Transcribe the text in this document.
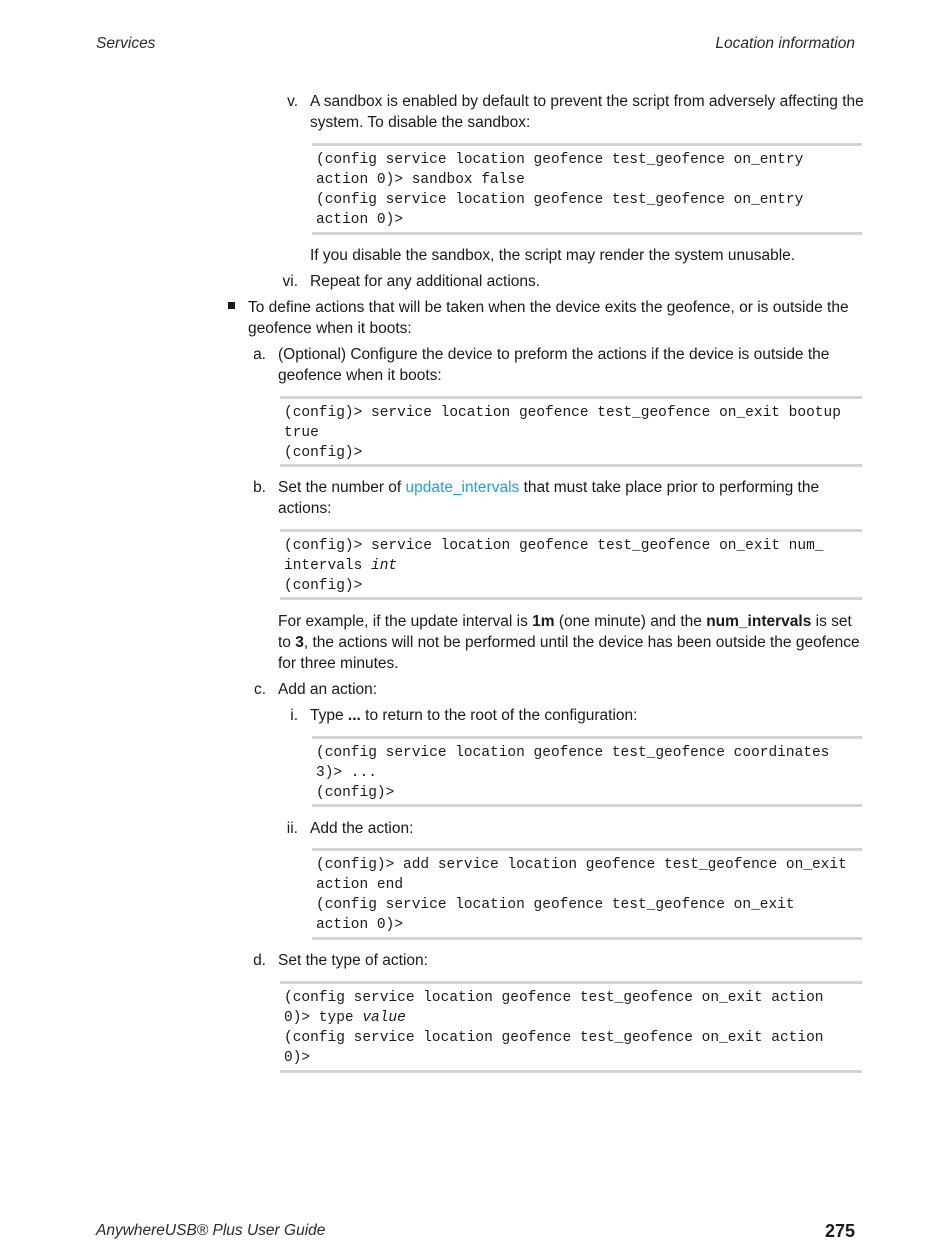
Services	Location information
v. A sandbox is enabled by default to prevent the script from adversely affecting the system. To disable the sandbox:
(config service location geofence test_geofence on_entry
action 0)> sandbox false
(config service location geofence test_geofence on_entry
action 0)>
If you disable the sandbox, the script may render the system unusable.
vi. Repeat for any additional actions.
To define actions that will be taken when the device exits the geofence, or is outside the geofence when it boots:
a. (Optional) Configure the device to preform the actions if the device is outside the geofence when it boots:
(config)> service location geofence test_geofence on_exit bootup
true
(config)>
b. Set the number of update_intervals that must take place prior to performing the actions:
(config)> service location geofence test_geofence on_exit num_
intervals int
(config)>
For example, if the update interval is 1m (one minute) and the num_intervals is set to 3, the actions will not be performed until the device has been outside the geofence for three minutes.
c. Add an action:
i. Type ... to return to the root of the configuration:
(config service location geofence test_geofence coordinates
3)> ...
(config)>
ii. Add the action:
(config)> add service location geofence test_geofence on_exit
action end
(config service location geofence test_geofence on_exit
action 0)>
d. Set the type of action:
(config service location geofence test_geofence on_exit action
0)> type value
(config service location geofence test_geofence on_exit action
0)>
AnywhereUSB® Plus User Guide	275
